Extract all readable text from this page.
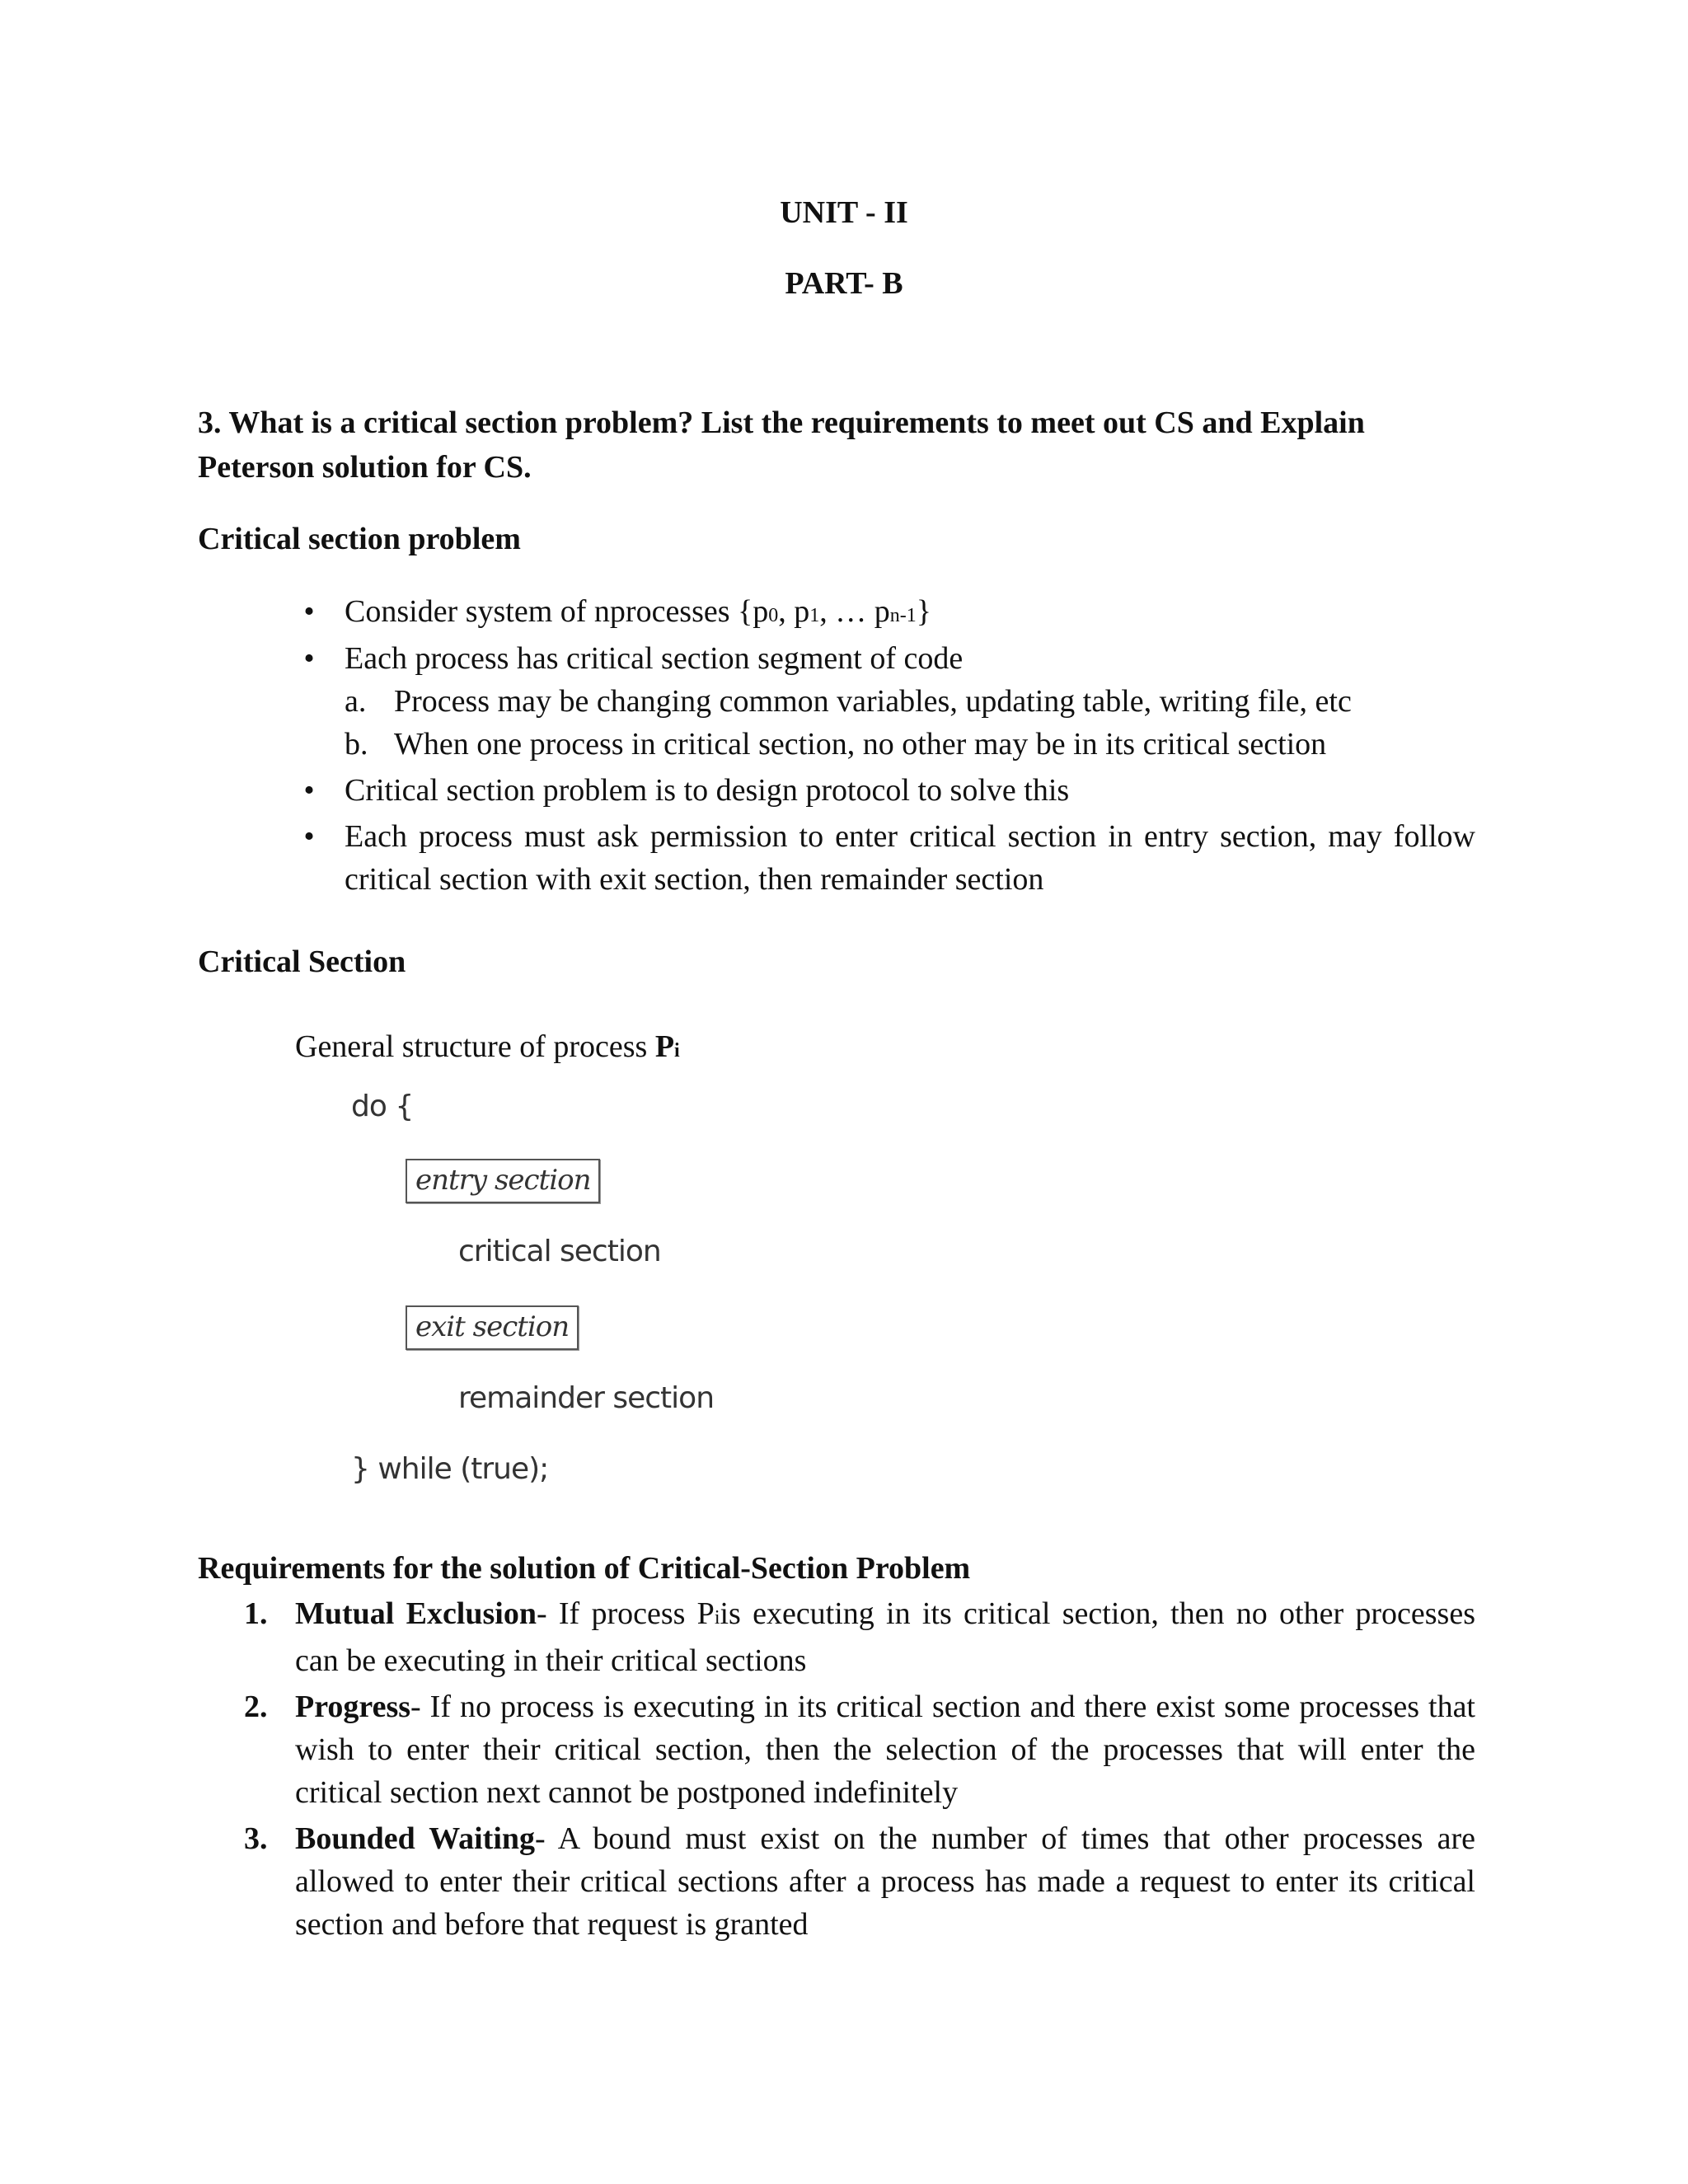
UNIT - II
PART- B
3. What is a critical section problem? List the requirements to meet out CS and Explain
Peterson solution for CS.
Critical section problem
• Consider system of nprocesses {p0, p1, … pn-1}
• Each process has critical section segment of code
a. Process may be changing common variables, updating table, writing file, etc
b. When one process in critical section, no other may be in its critical section
• Critical section problem is to design protocol to solve this
• Each process must ask permission to enter critical section in entry section, may follow critical section with exit section, then remainder section
Critical Section
General structure of process Pi
do {
entry section
critical section
exit section
remainder section
} while (true);
Requirements for the solution of Critical-Section Problem
1. Mutual Exclusion- If process Piis executing in its critical section, then no other processes can be executing in their critical sections
2. Progress- If no process is executing in its critical section and there exist some processes that wish to enter their critical section, then the selection of the processes that will enter the critical section next cannot be postponed indefinitely
3. Bounded Waiting- A bound must exist on the number of times that other processes are allowed to enter their critical sections after a process has made a request to enter its critical section and before that request is granted
